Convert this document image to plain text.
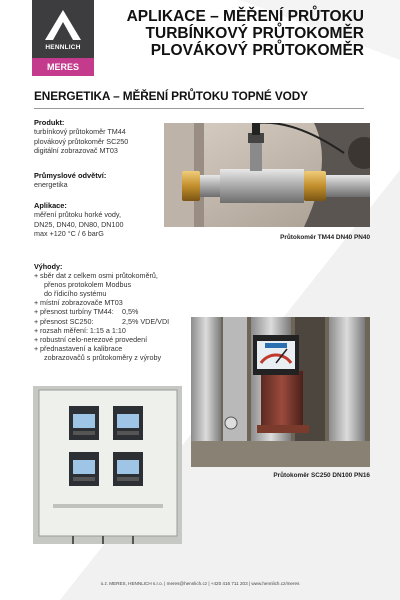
HENNLICH
MERES
APLIKACE – MĚŘENÍ PRŮTOKU
TURBÍNKOVÝ PRŮTOKOMĚR
PLOVÁKOVÝ PRŮTOKOMĚR
ENERGETIKA – MĚŘENÍ PRŮTOKU TOPNÉ VODY
Produkt:
turbínkový průtokoměr TM44
plovákový průtokoměr SC250
digitální zobrazovač MT03
Průmyslové odvětví:
energetika
Aplikace:
měření průtoku horké vody,
DN25, DN40, DN80, DN100
max +120 °C / 6 barG	Průtokoměr TM44 DN40 PN40
Výhody:
+ sběr dat z celkem osmi průtokoměrů,
přenos protokolem Modbus
do řídicího systému
+ místní zobrazovače MT03
+ přesnost turbíny TM44:	0,5%
+ přesnost SC250:	2,5% VDE/VDI
+ rozsah měření: 1:15 a 1:10
+ robustní celo-nerezové provedení
+ přednastavení a kalibrace
zobrazovačů s průtokoměry z výroby
Průtokoměr SC250 DN100 PN16
o.z. MERES, HENNLICH s.r.o. | meres@hennlich.cz | +420 416 711 203 | www.hennlich.cz/meres
